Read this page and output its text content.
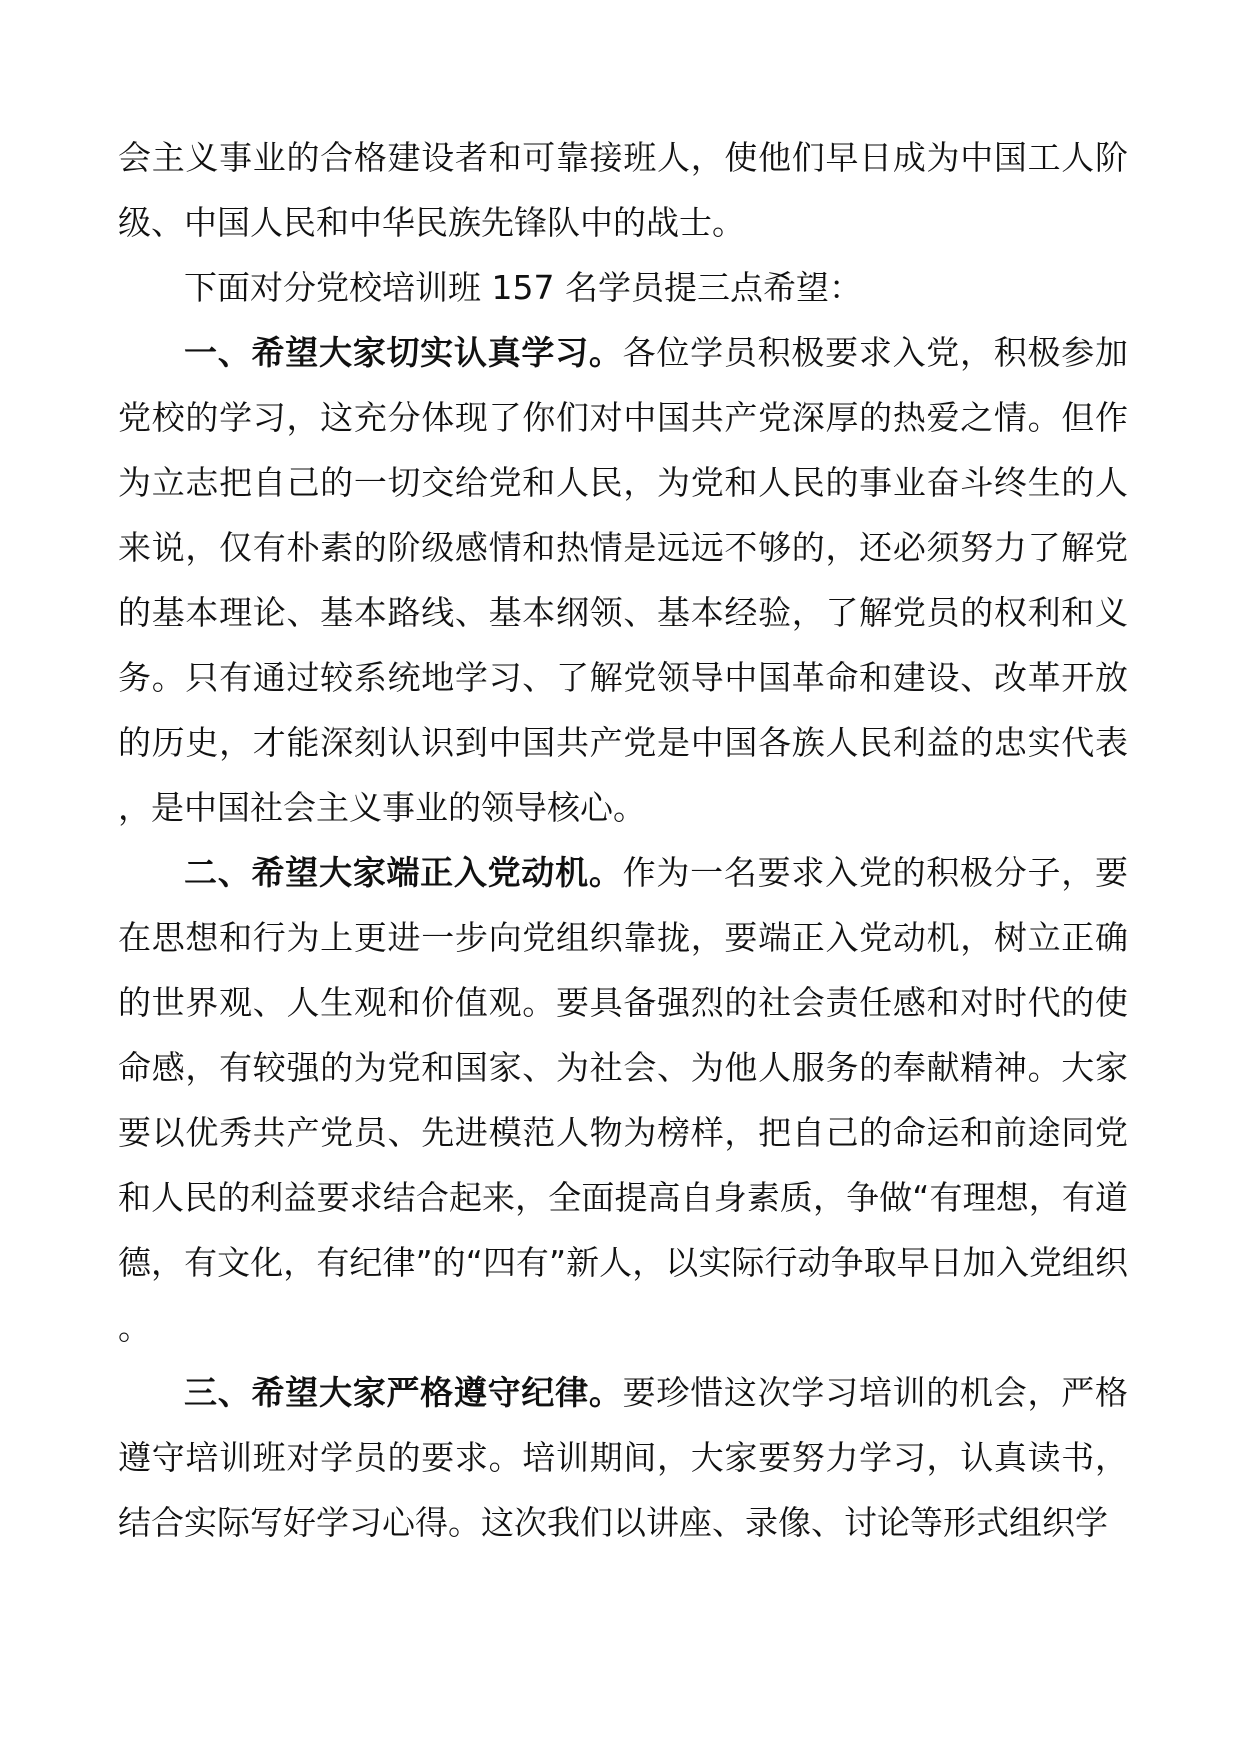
会主义事业的合格建设者和可靠接班人，使他们早日成为中国工人阶级、中国人民和中华民族先锋队中的战士。

下面对分党校培训班 157 名学员提三点希望：

一、希望大家切实认真学习。各位学员积极要求入党，积极参加党校的学习，这充分体现了你们对中国共产党深厚的热爱之情。但作为立志把自己的一切交给党和人民，为党和人民的事业奋斗终生的人来说，仅有朴素的阶级感情和热情是远远不够的，还必须努力了解党的基本理论、基本路线、基本纲领、基本经验，了解党员的权利和义务。只有通过较系统地学习、了解党领导中国革命和建设、改革开放的历史，才能深刻认识到中国共产党是中国各族人民利益的忠实代表，是中国社会主义事业的领导核心。

二、希望大家端正入党动机。作为一名要求入党的积极分子，要在思想和行为上更进一步向党组织靠拢，要端正入党动机，树立正确的世界观、人生观和价值观。要具备强烈的社会责任感和对时代的使命感，有较强的为党和国家、为社会、为他人服务的奉献精神。大家要以优秀共产党员、先进模范人物为榜样，把自己的命运和前途同党和人民的利益要求结合起来，全面提高自身素质，争做“有理想，有道德，有文化，有纪律”的“四有”新人，以实际行动争取早日加入党组织。

三、希望大家严格遵守纪律。要珍惜这次学习培训的机会，严格遵守培训班对学员的要求。培训期间，大家要努力学习，认真读书，结合实际写好学习心得。这次我们以讲座、录像、讨论等形式组织学
